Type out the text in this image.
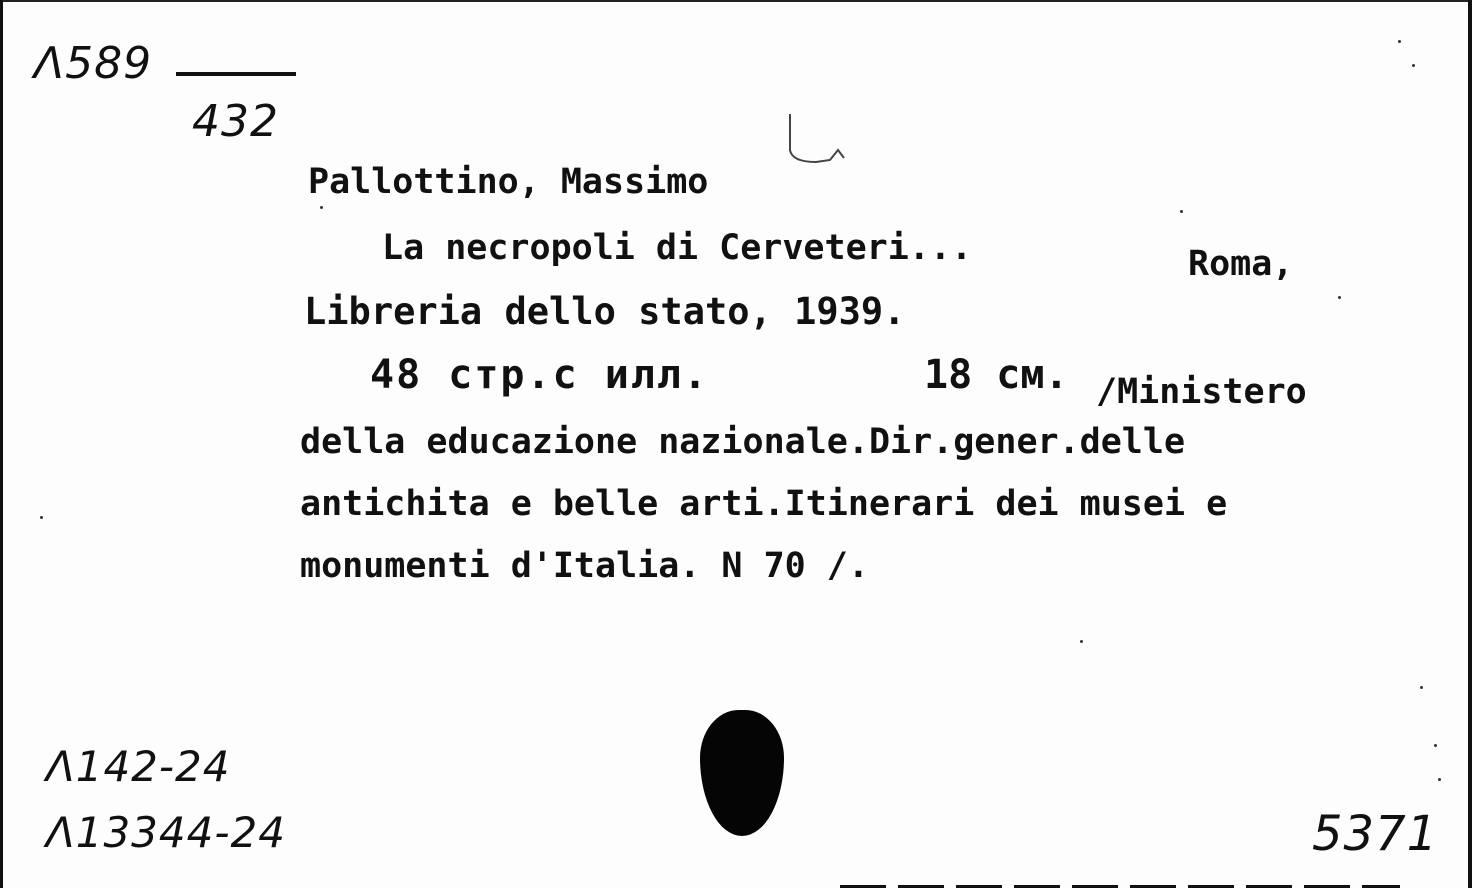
Λ589
432
Pallottino, Massimo
La necropoli di Cerveteri...	Roma,
Libreria dello stato, 1939.
48 стр.с илл.	18 см. /Ministero
della educazione nazionale.Dir.gener.delle
antichita e belle arti.Itinerari dei musei e
monumenti d'Italia. N 70 /.
Λ142-24
Λ13344-24	5371
